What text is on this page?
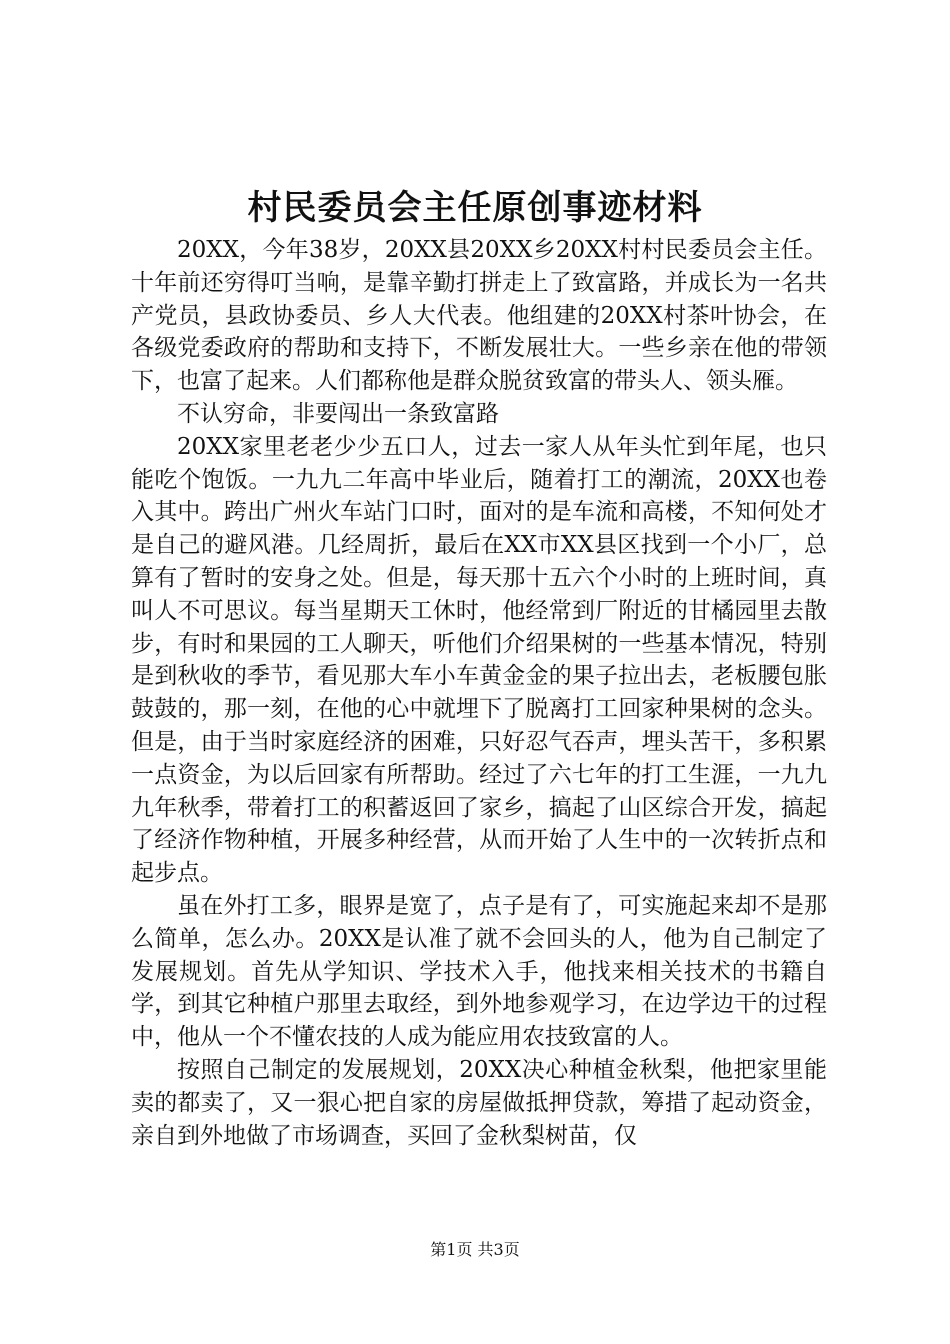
村民委员会主任原创事迹材料

20XX，今年38岁，20XX县20XX乡20XX村村民委员会主任。十年前还穷得叮当响，是靠辛勤打拼走上了致富路，并成长为一名共产党员，县政协委员、乡人大代表。他组建的20XX村茶叶协会，在各级党委政府的帮助和支持下，不断发展壮大。一些乡亲在他的带领下，也富了起来。人们都称他是群众脱贫致富的带头人、领头雁。

不认穷命，非要闯出一条致富路

20XX家里老老少少五口人，过去一家人从年头忙到年尾，也只能吃个饱饭。一九九二年高中毕业后，随着打工的潮流，20XX也卷入其中。跨出广州火车站门口时，面对的是车流和高楼，不知何处才是自己的避风港。几经周折，最后在XX市XX县区找到一个小厂，总算有了暂时的安身之处。但是，每天那十五六个小时的上班时间，真叫人不可思议。每当星期天工休时，他经常到厂附近的甘橘园里去散步，有时和果园的工人聊天，听他们介绍果树的一些基本情况，特别是到秋收的季节，看见那大车小车黄金金的果子拉出去，老板腰包胀鼓鼓的，那一刻，在他的心中就埋下了脱离打工回家种果树的念头。但是，由于当时家庭经济的困难，只好忍气吞声，埋头苦干，多积累一点资金，为以后回家有所帮助。经过了六七年的打工生涯，一九九九年秋季，带着打工的积蓄返回了家乡，搞起了山区综合开发，搞起了经济作物种植，开展多种经营，从而开始了人生中的一次转折点和起步点。

虽在外打工多，眼界是宽了，点子是有了，可实施起来却不是那么简单，怎么办。20XX是认准了就不会回头的人，他为自己制定了发展规划。首先从学知识、学技术入手，他找来相关技术的书籍自学，到其它种植户那里去取经，到外地参观学习，在边学边干的过程中，他从一个不懂农技的人成为能应用农技致富的人。

按照自己制定的发展规划，20XX决心种植金秋梨，他把家里能卖的都卖了，又一狠心把自家的房屋做抵押贷款，筹措了起动资金，亲自到外地做了市场调查，买回了金秋梨树苗，仅

第1页 共3页
